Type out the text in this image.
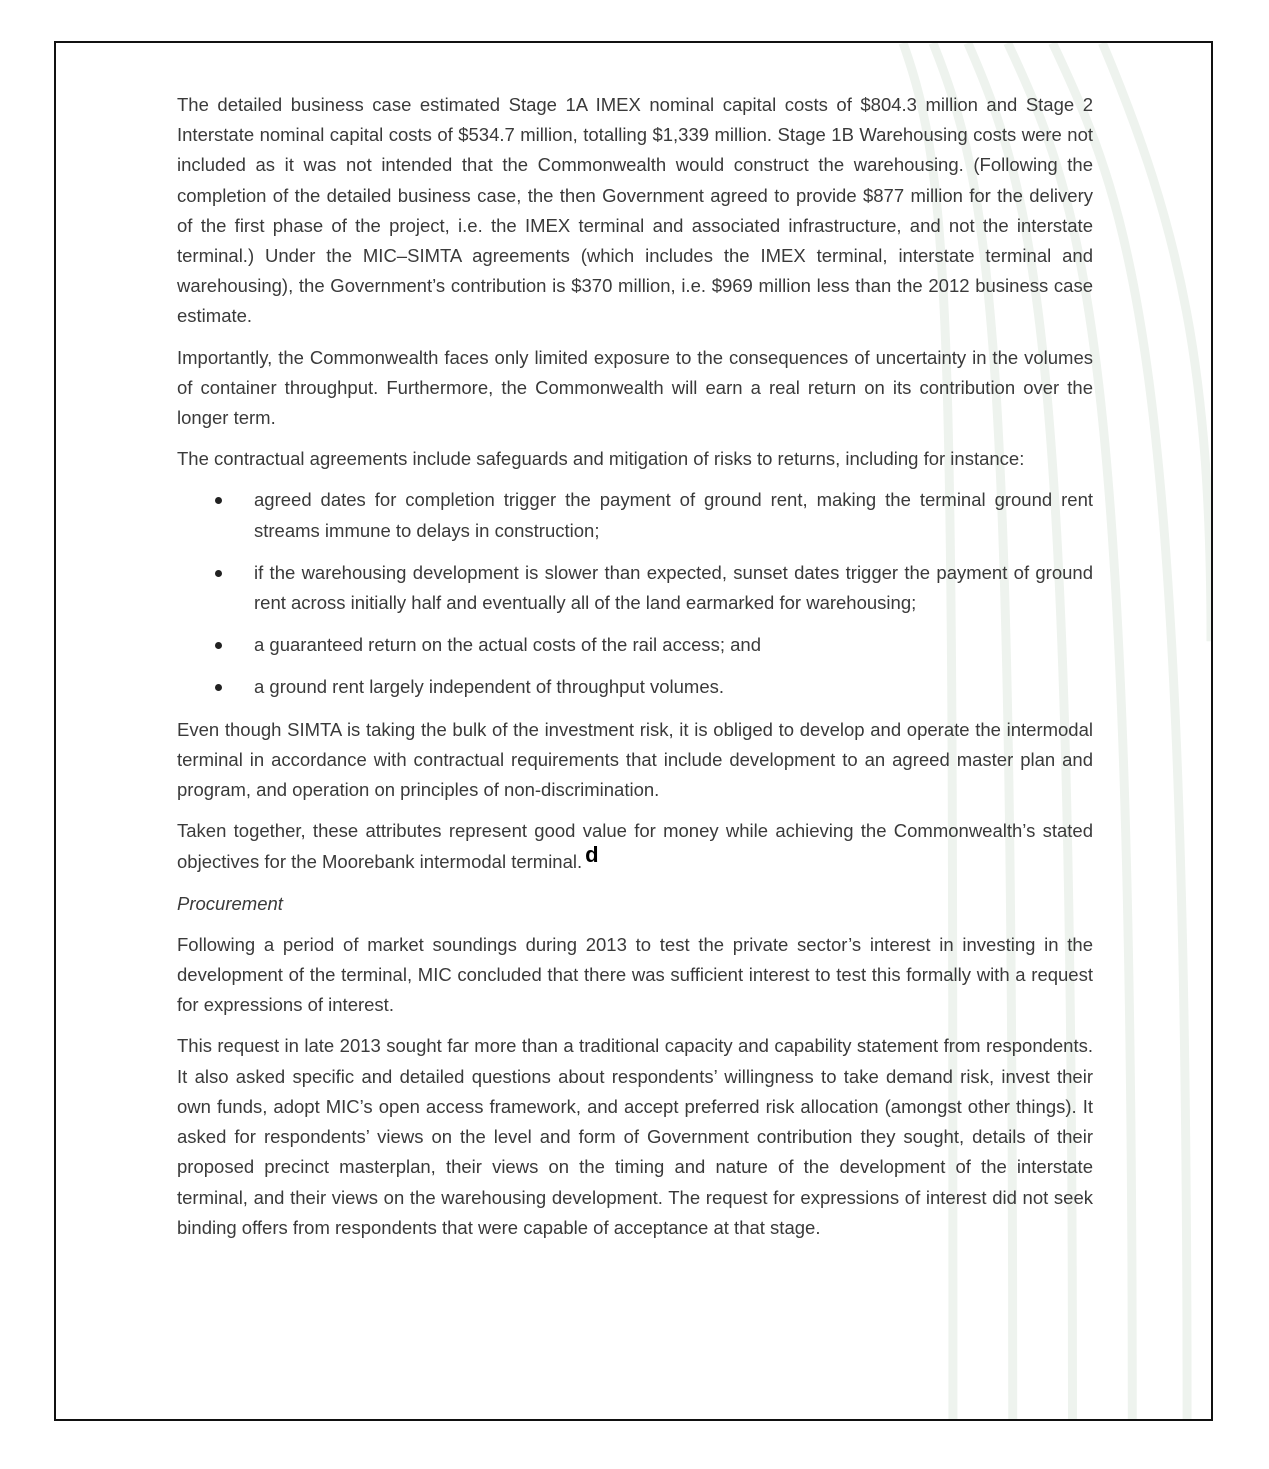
The detailed business case estimated Stage 1A IMEX nominal capital costs of $804.3 million and Stage 2 Interstate nominal capital costs of $534.7 million, totalling $1,339 million. Stage 1B Warehousing costs were not included as it was not intended that the Commonwealth would construct the warehousing. (Following the completion of the detailed business case, the then Government agreed to provide $877 million for the delivery of the first phase of the project, i.e. the IMEX terminal and associated infrastructure, and not the interstate terminal.) Under the MIC–SIMTA agreements (which includes the IMEX terminal, interstate terminal and warehousing), the Government’s contribution is $370 million, i.e. $969 million less than the 2012 business case estimate.

Importantly, the Commonwealth faces only limited exposure to the consequences of uncertainty in the volumes of container throughput. Furthermore, the Commonwealth will earn a real return on its contribution over the longer term.

The contractual agreements include safeguards and mitigation of risks to returns, including for instance:

agreed dates for completion trigger the payment of ground rent, making the terminal ground rent streams immune to delays in construction;
if the warehousing development is slower than expected, sunset dates trigger the payment of ground rent across initially half and eventually all of the land earmarked for warehousing;
a guaranteed return on the actual costs of the rail access; and
a ground rent largely independent of throughput volumes.

Even though SIMTA is taking the bulk of the investment risk, it is obliged to develop and operate the intermodal terminal in accordance with contractual requirements that include development to an agreed master plan and program, and operation on principles of non-discrimination.

Taken together, these attributes represent good value for money while achieving the Commonwealth’s stated objectives for the Moorebank intermodal terminal. d

Procurement

Following a period of market soundings during 2013 to test the private sector’s interest in investing in the development of the terminal, MIC concluded that there was sufficient interest to test this formally with a request for expressions of interest.

This request in late 2013 sought far more than a traditional capacity and capability statement from respondents. It also asked specific and detailed questions about respondents’ willingness to take demand risk, invest their own funds, adopt MIC’s open access framework, and accept preferred risk allocation (amongst other things). It asked for respondents’ views on the level and form of Government contribution they sought, details of their proposed precinct masterplan, their views on the timing and nature of the development of the interstate terminal, and their views on the warehousing development. The request for expressions of interest did not seek binding offers from respondents that were capable of acceptance at that stage.
